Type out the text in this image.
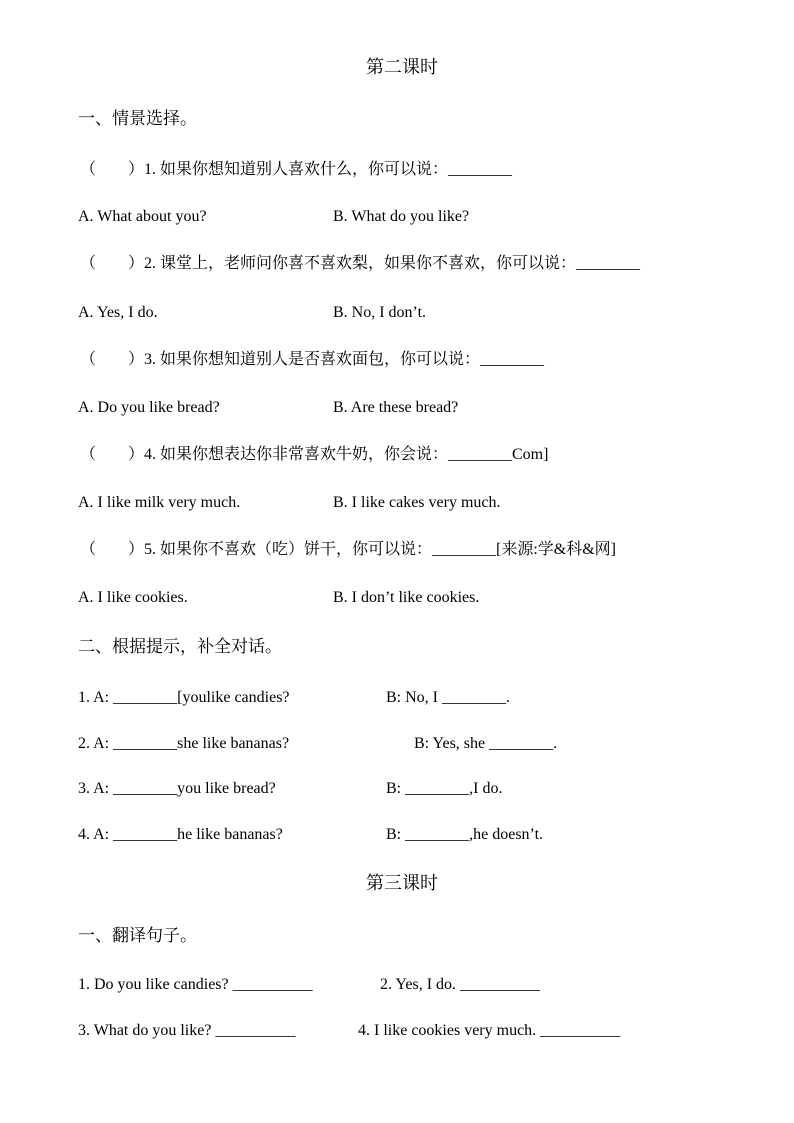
第二课时
一、情景选择。
（　　）1. 如果你想知道别人喜欢什么，你可以说：________
A. What about you?	B. What do you like?
（　　）2. 课堂上，老师问你喜不喜欢梨，如果你不喜欢，你可以说：________
A. Yes, I do.	B. No, I don’t.
（　　）3. 如果你想知道别人是否喜欢面包，你可以说：________
A. Do you like bread?	B. Are these bread?
（　　）4. 如果你想表达你非常喜欢牛奶，你会说：________Com]
A. I like milk very much.	B. I like cakes very much.
（　　）5. 如果你不喜欢（吃）饼干，你可以说：________[来源:学&科&网]
A. I like cookies.	B. I don’t like cookies.
二、根据提示，补全对话。
1. A: ________[youlike candies?	B: No, I ________.
2. A: ________she like bananas?	B: Yes, she ________.
3. A: ________you like bread?	B: ________,I do.
4. A: ________he like bananas?	B: ________,he doesn’t.
第三课时
一、翻译句子。
1. Do you like candies? __________	2. Yes, I do. __________
3. What do you like? __________	4. I like cookies very much. __________
